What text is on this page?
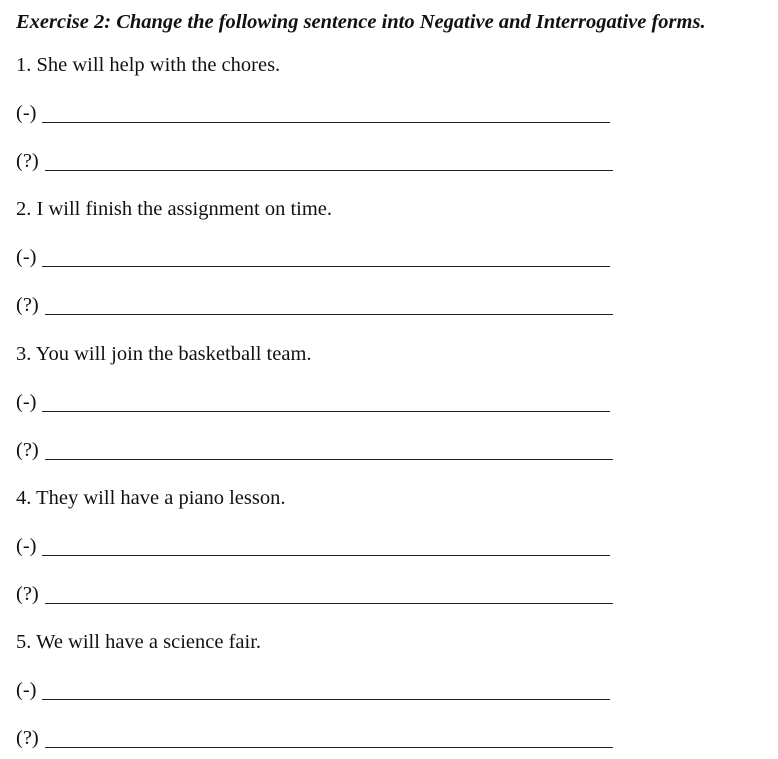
Exercise 2: Change the following sentence into Negative and Interrogative forms.
1. She will help with the chores.
(-)
(?)
2. I will finish the assignment on time.
(-)
(?)
3. You will join the basketball team.
(-)
(?)
4. They will have a piano lesson.
(-)
(?)
5. We will have a science fair.
(-)
(?)
